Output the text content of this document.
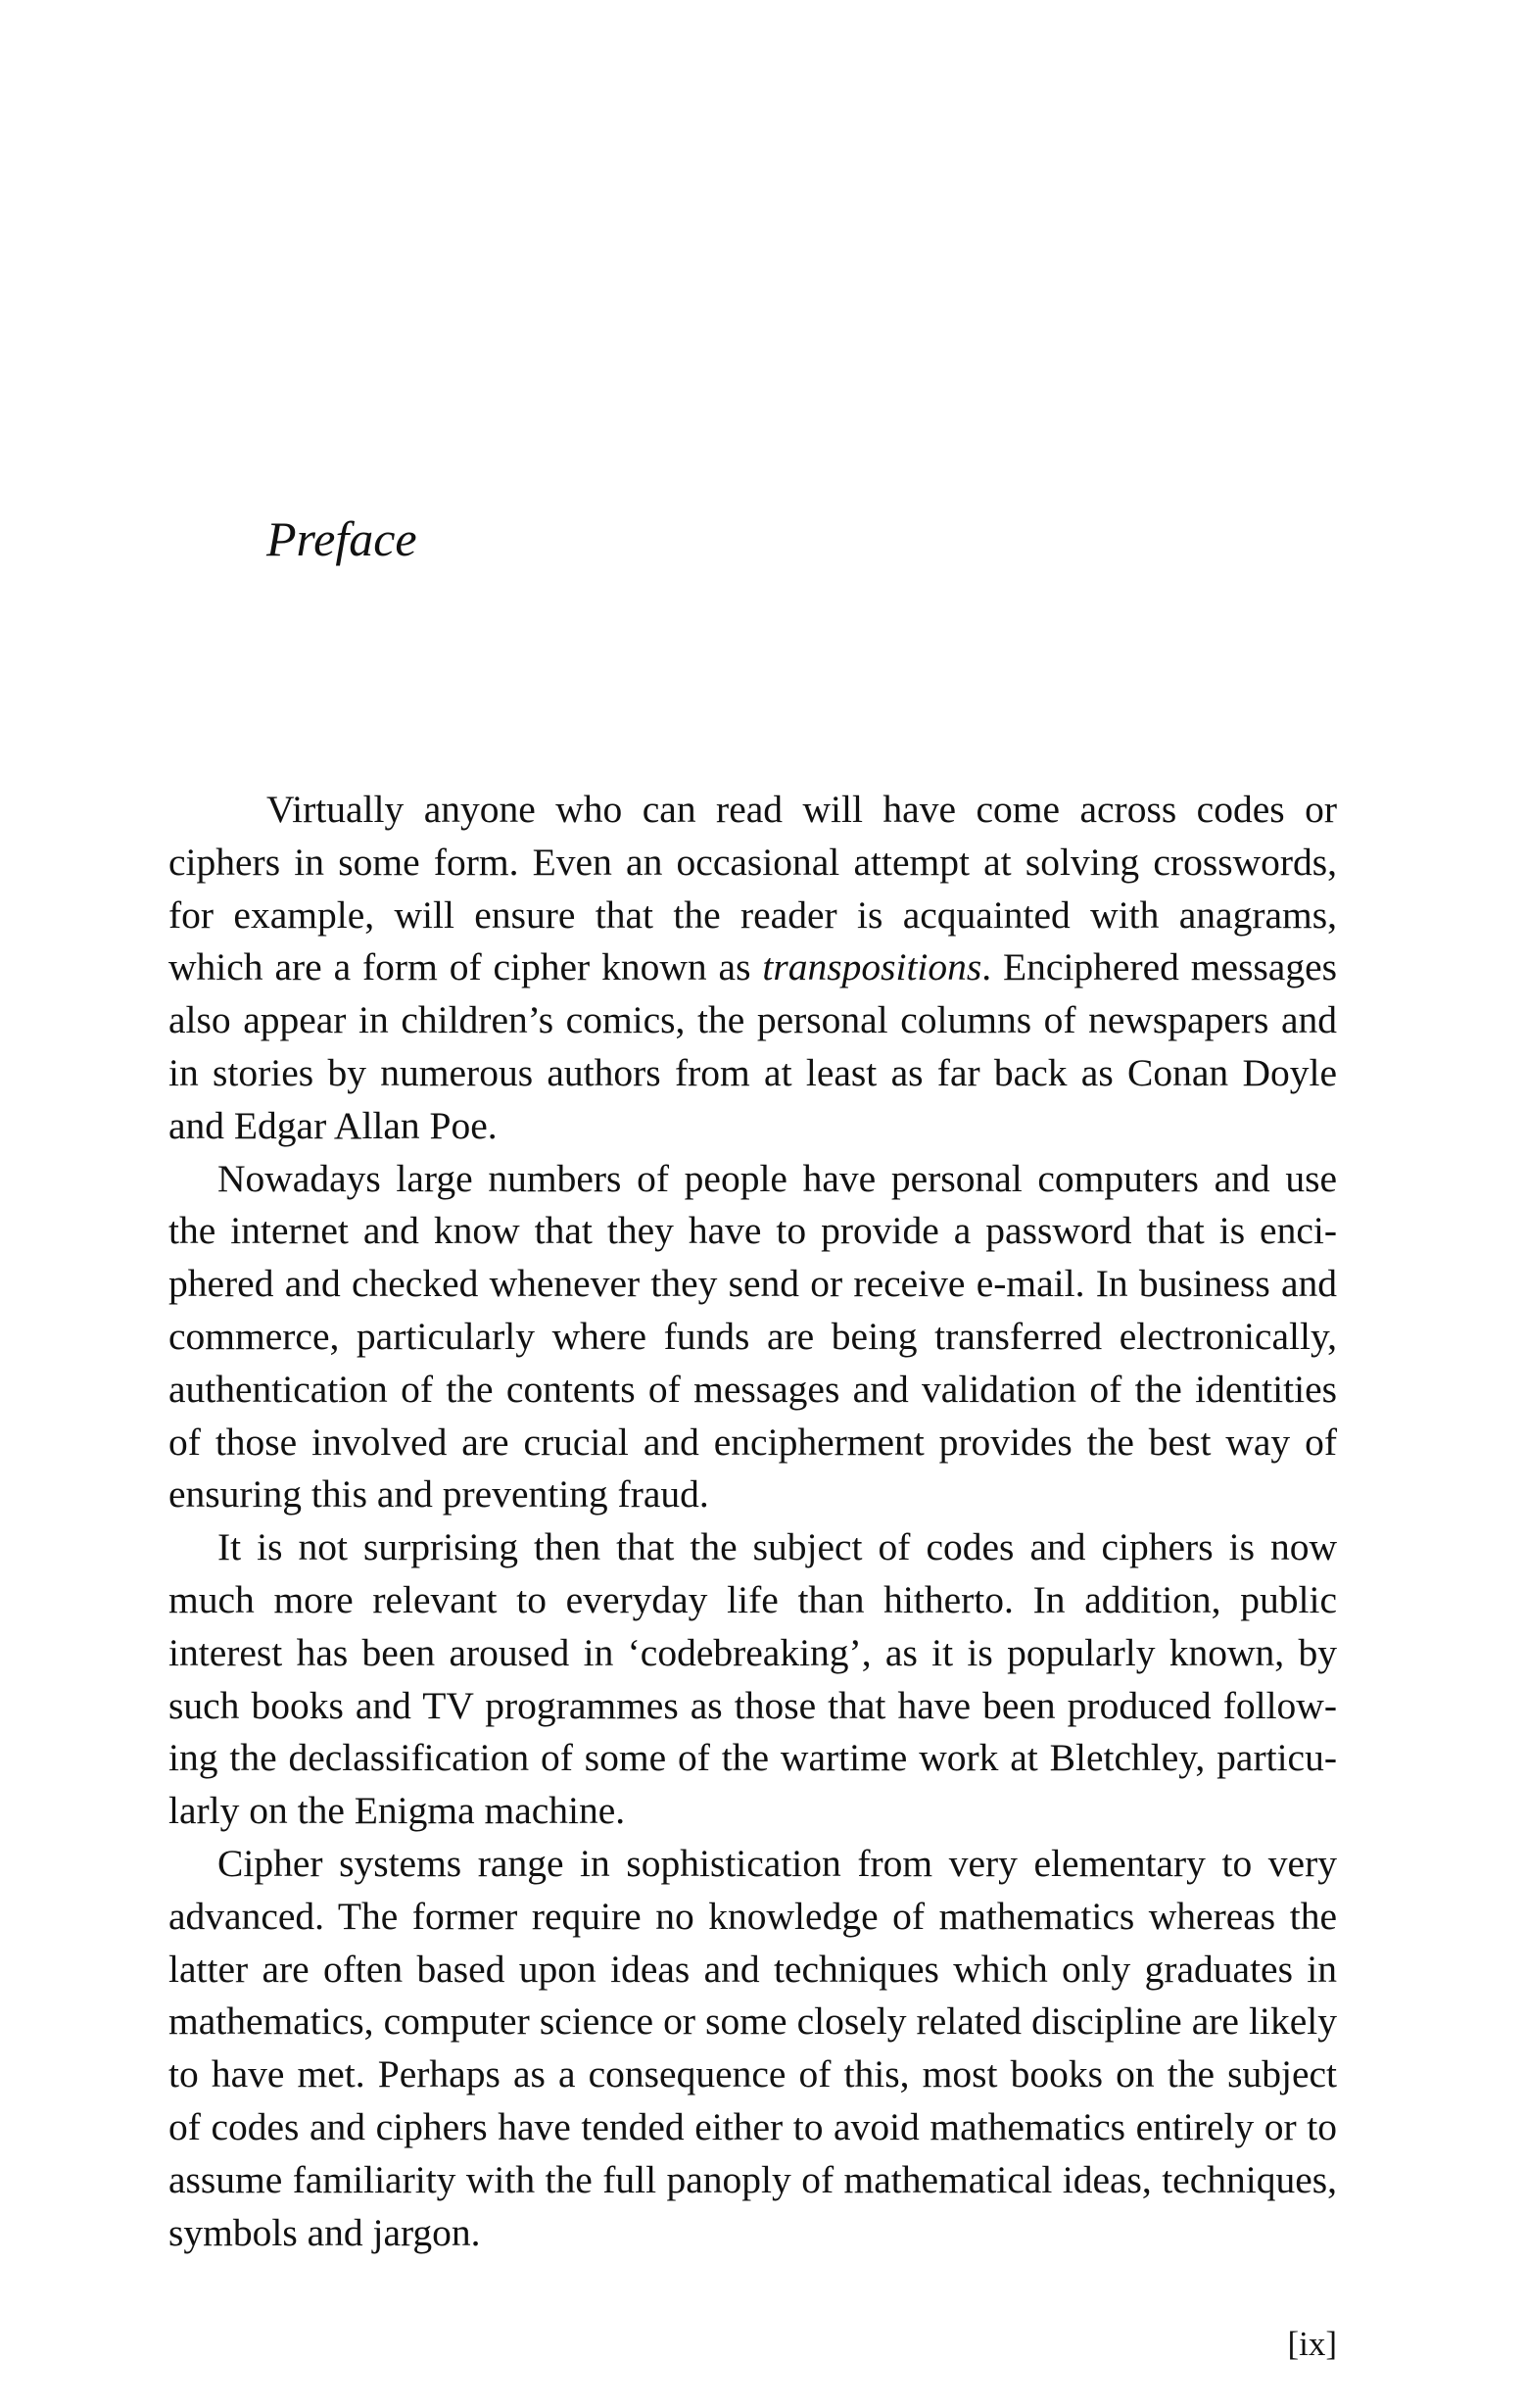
Preface

Virtually anyone who can read will have come across codes or ciphers in some form. Even an occasional attempt at solving crosswords, for example, will ensure that the reader is acquainted with anagrams, which are a form of cipher known as transpositions. Enciphered messages also appear in children’s comics, the personal columns of newspapers and in stories by numerous authors from at least as far back as Conan Doyle and Edgar Allan Poe.

Nowadays large numbers of people have personal computers and use the internet and know that they have to provide a password that is enciphered and checked whenever they send or receive e-mail. In business and commerce, particularly where funds are being transferred electronically, authentication of the contents of messages and validation of the identities of those involved are crucial and encipherment provides the best way of ensuring this and preventing fraud.

It is not surprising then that the subject of codes and ciphers is now much more relevant to everyday life than hitherto. In addition, public interest has been aroused in ‘codebreaking’, as it is popularly known, by such books and TV programmes as those that have been produced following the declassification of some of the wartime work at Bletchley, particularly on the Enigma machine.

Cipher systems range in sophistication from very elementary to very advanced. The former require no knowledge of mathematics whereas the latter are often based upon ideas and techniques which only graduates in mathematics, computer science or some closely related discipline are likely to have met. Perhaps as a consequence of this, most books on the subject of codes and ciphers have tended either to avoid mathematics entirely or to assume familiarity with the full panoply of mathematical ideas, techniques, symbols and jargon.

[ix]
